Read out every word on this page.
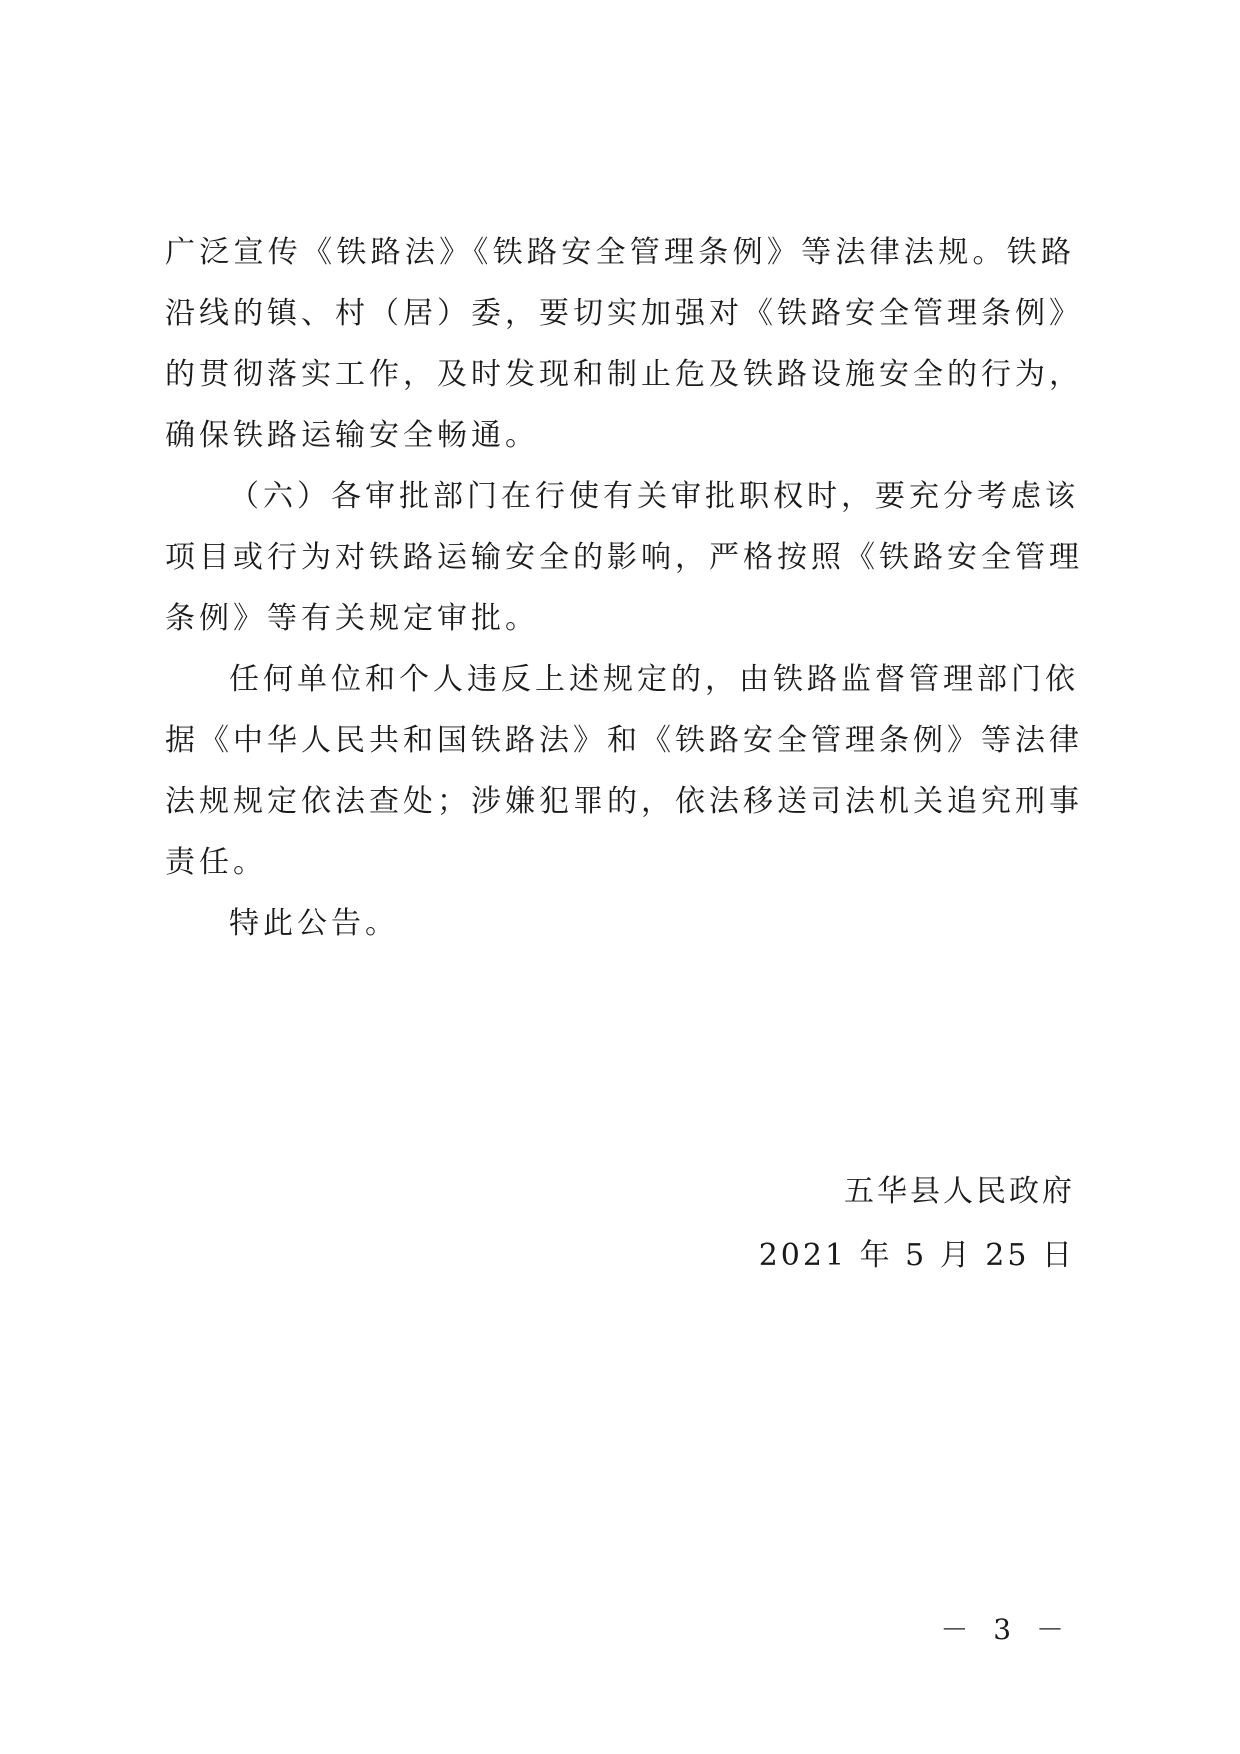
广泛宣传《铁路法》《铁路安全管理条例》等法律法规。铁路
沿线的镇、村（居）委，要切实加强对《铁路安全管理条例》
的贯彻落实工作，及时发现和制止危及铁路设施安全的行为，
确保铁路运输安全畅通。
（六）各审批部门在行使有关审批职权时，要充分考虑该
项目或行为对铁路运输安全的影响，严格按照《铁路安全管理
条例》等有关规定审批。
任何单位和个人违反上述规定的，由铁路监督管理部门依
据《中华人民共和国铁路法》和《铁路安全管理条例》等法律
法规规定依法查处；涉嫌犯罪的，依法移送司法机关追究刑事
责任。
特此公告。
五华县人民政府
2021 年 5 月 25 日
－ 3 －
